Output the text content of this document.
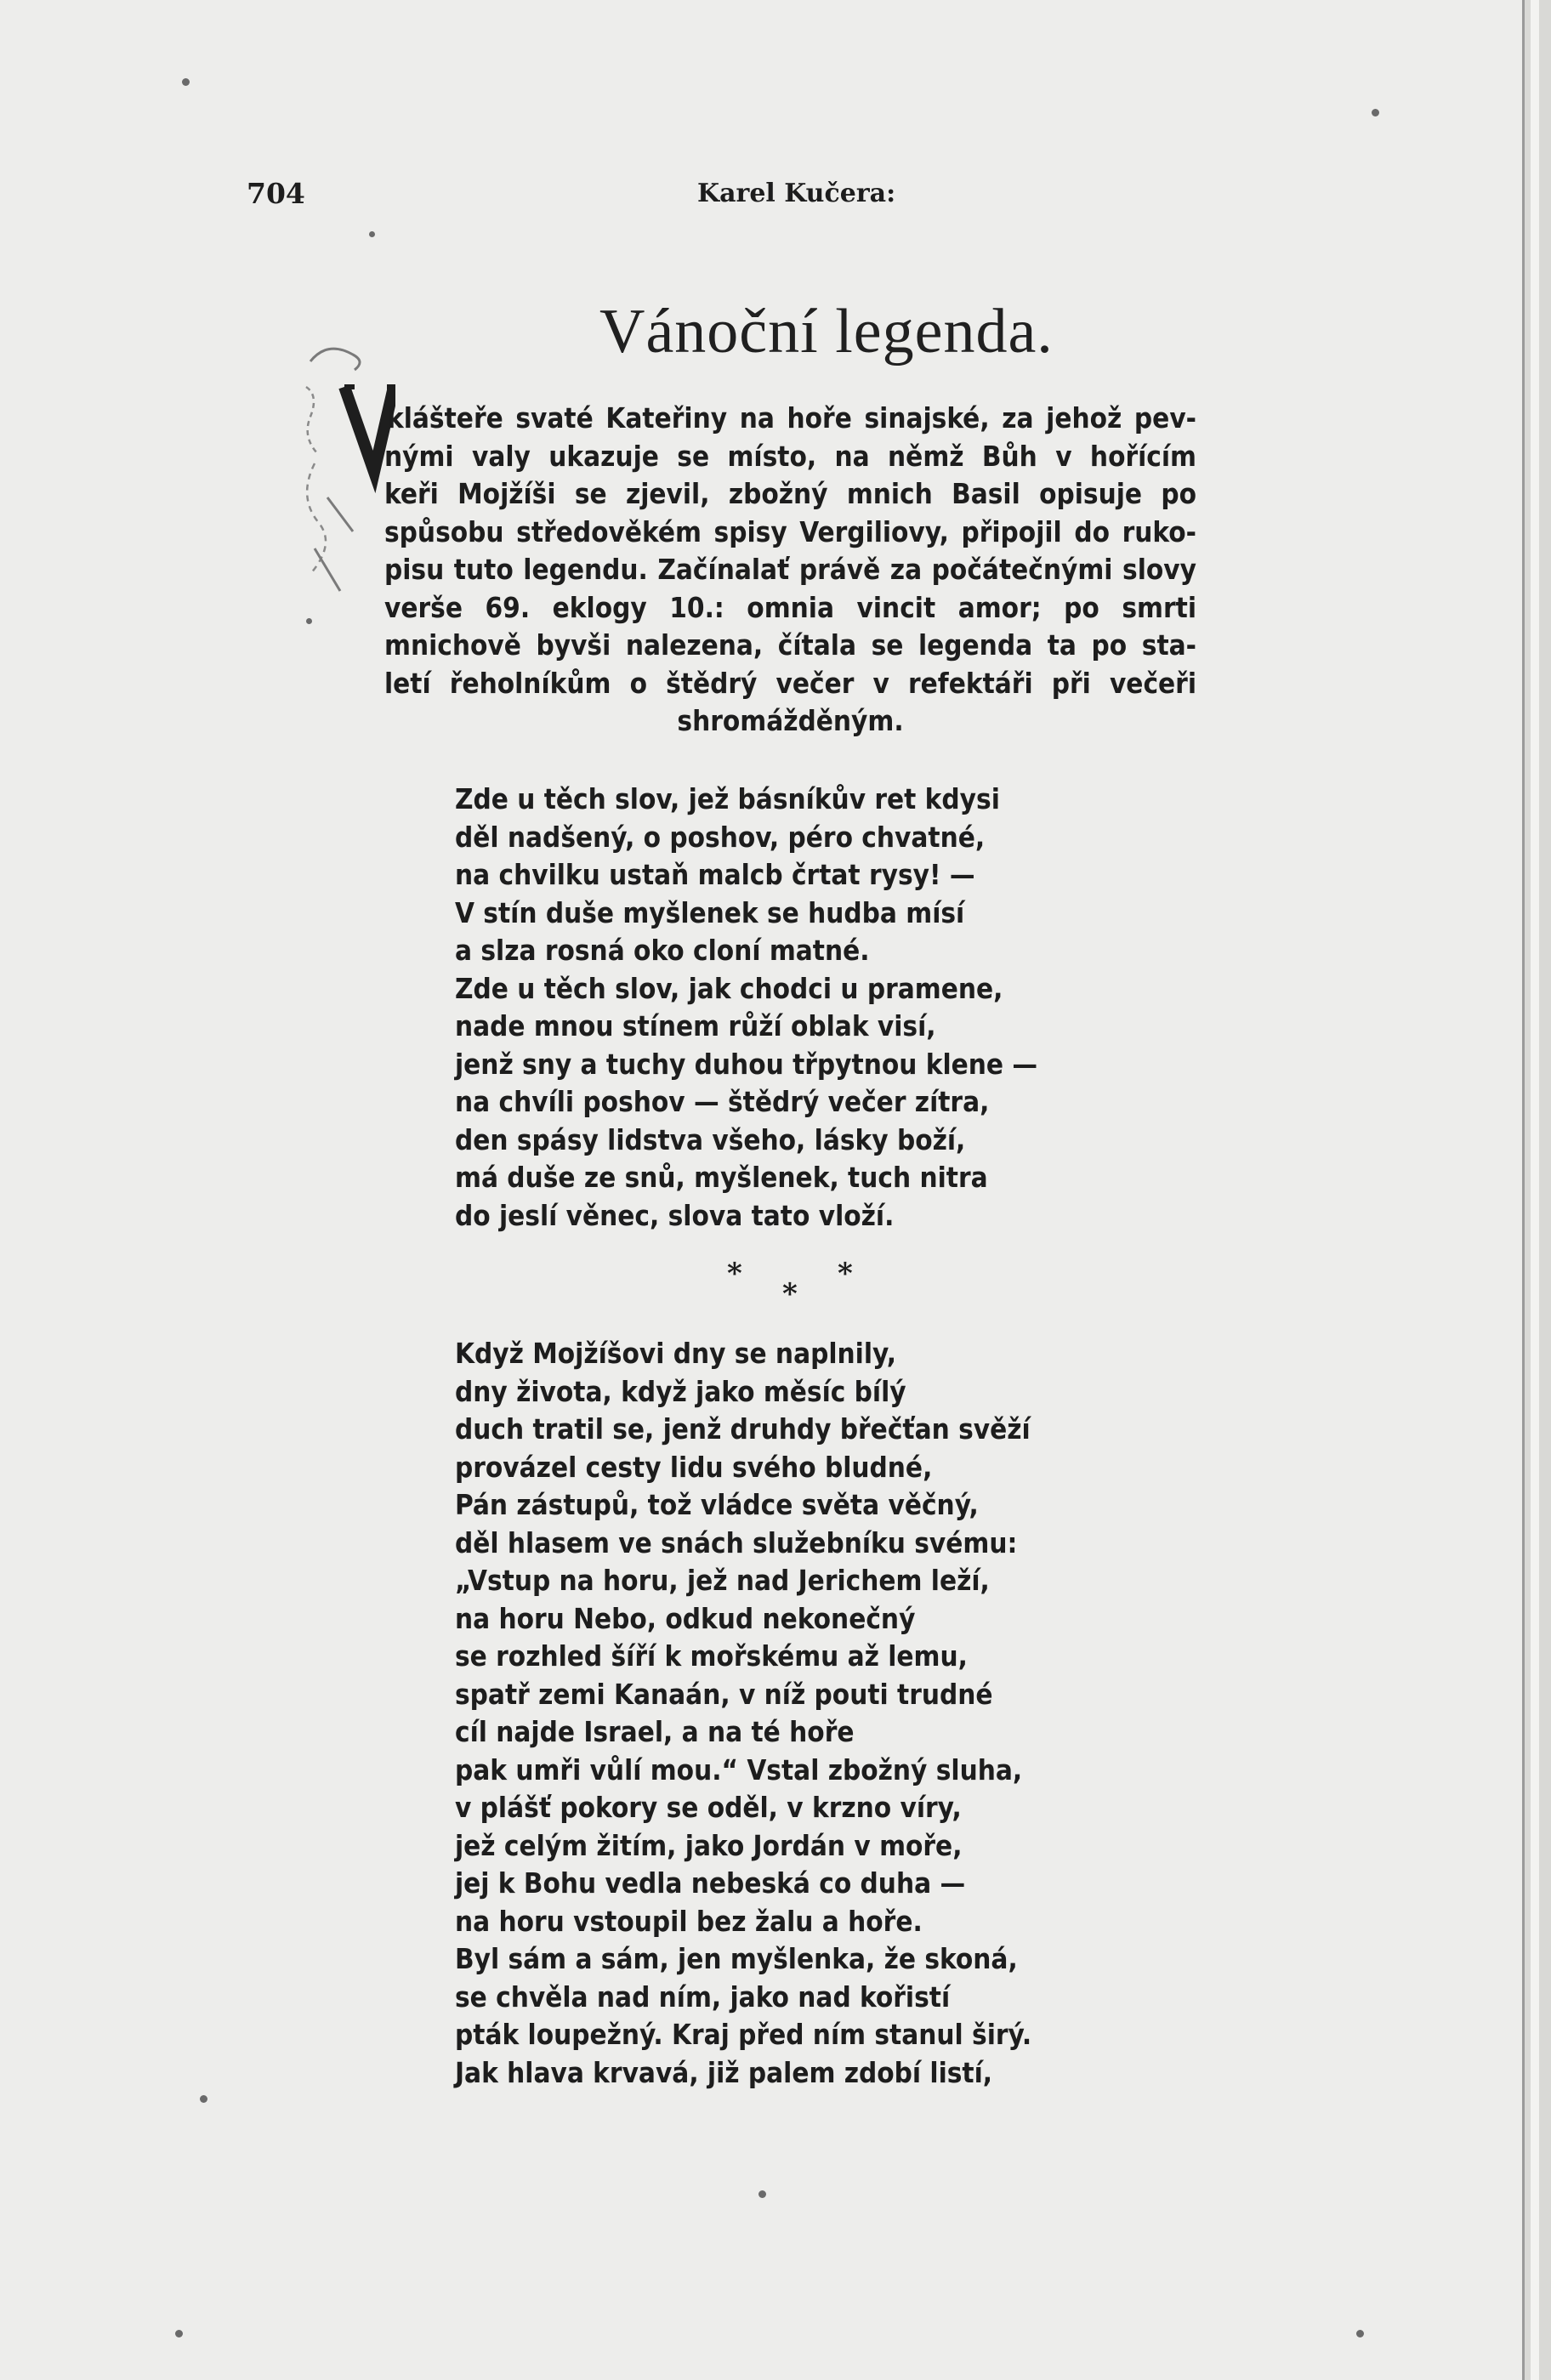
704	Karel Kučera:
Vánoční legenda.
klášteře svaté Kateřiny na hoře sinajské, za jehož pev-
nými valy ukazuje se místo, na němž Bůh v hořícím
keři Mojžíši se zjevil, zbožný mnich Basil opisuje po
spůsobu středověkém spisy Vergiliovy, připojil do ruko-
pisu tuto legendu. Začínalať právě za počátečnými slovy
verše 69. eklogy 10.: omnia vincit amor; po smrti
mnichově byvši nalezena, čítala se legenda ta po sta-
letí řeholníkům o štědrý večer v refektáři při večeři
shromážděným.
Zde u těch slov, jež básníkův ret kdysi
děl nadšený, o poshov, péro chvatné,
na chvilku ustaň malcb črtat rysy! —
V stín duše myšlenek se hudba mísí
a slza rosná oko cloní matné.
Zde u těch slov, jak chodci u pramene,
nade mnou stínem růží oblak visí,
jenž sny a tuchy duhou třpytnou klene —
na chvíli poshov — štědrý večer zítra,
den spásy lidstva všeho, lásky boží,
má duše ze snů, myšlenek, tuch nitra
do jeslí věnec, slova tato vloží.
*	*
*
Když Mojžíšovi dny se naplnily,
dny života, když jako měsíc bílý
duch tratil se, jenž druhdy břečťan svěží
provázel cesty lidu svého bludné,
Pán zástupů, tož vládce světa věčný,
děl hlasem ve snách služebníku svému:
„Vstup na horu, jež nad Jerichem leží,
na horu Nebo, odkud nekonečný
se rozhled šíří k mořskému až lemu,
spatř zemi Kanaán, v níž pouti trudné
cíl najde Israel, a na té hoře
pak umři vůlí mou.“ Vstal zbožný sluha,
v plášť pokory se oděl, v krzno víry,
jež celým žitím, jako Jordán v moře,
jej k Bohu vedla nebeská co duha —
na horu vstoupil bez žalu a hoře.
Byl sám a sám, jen myšlenka, že skoná,
se chvěla nad ním, jako nad kořistí
pták loupežný. Kraj před ním stanul širý.
Jak hlava krvavá, již palem zdobí listí,
